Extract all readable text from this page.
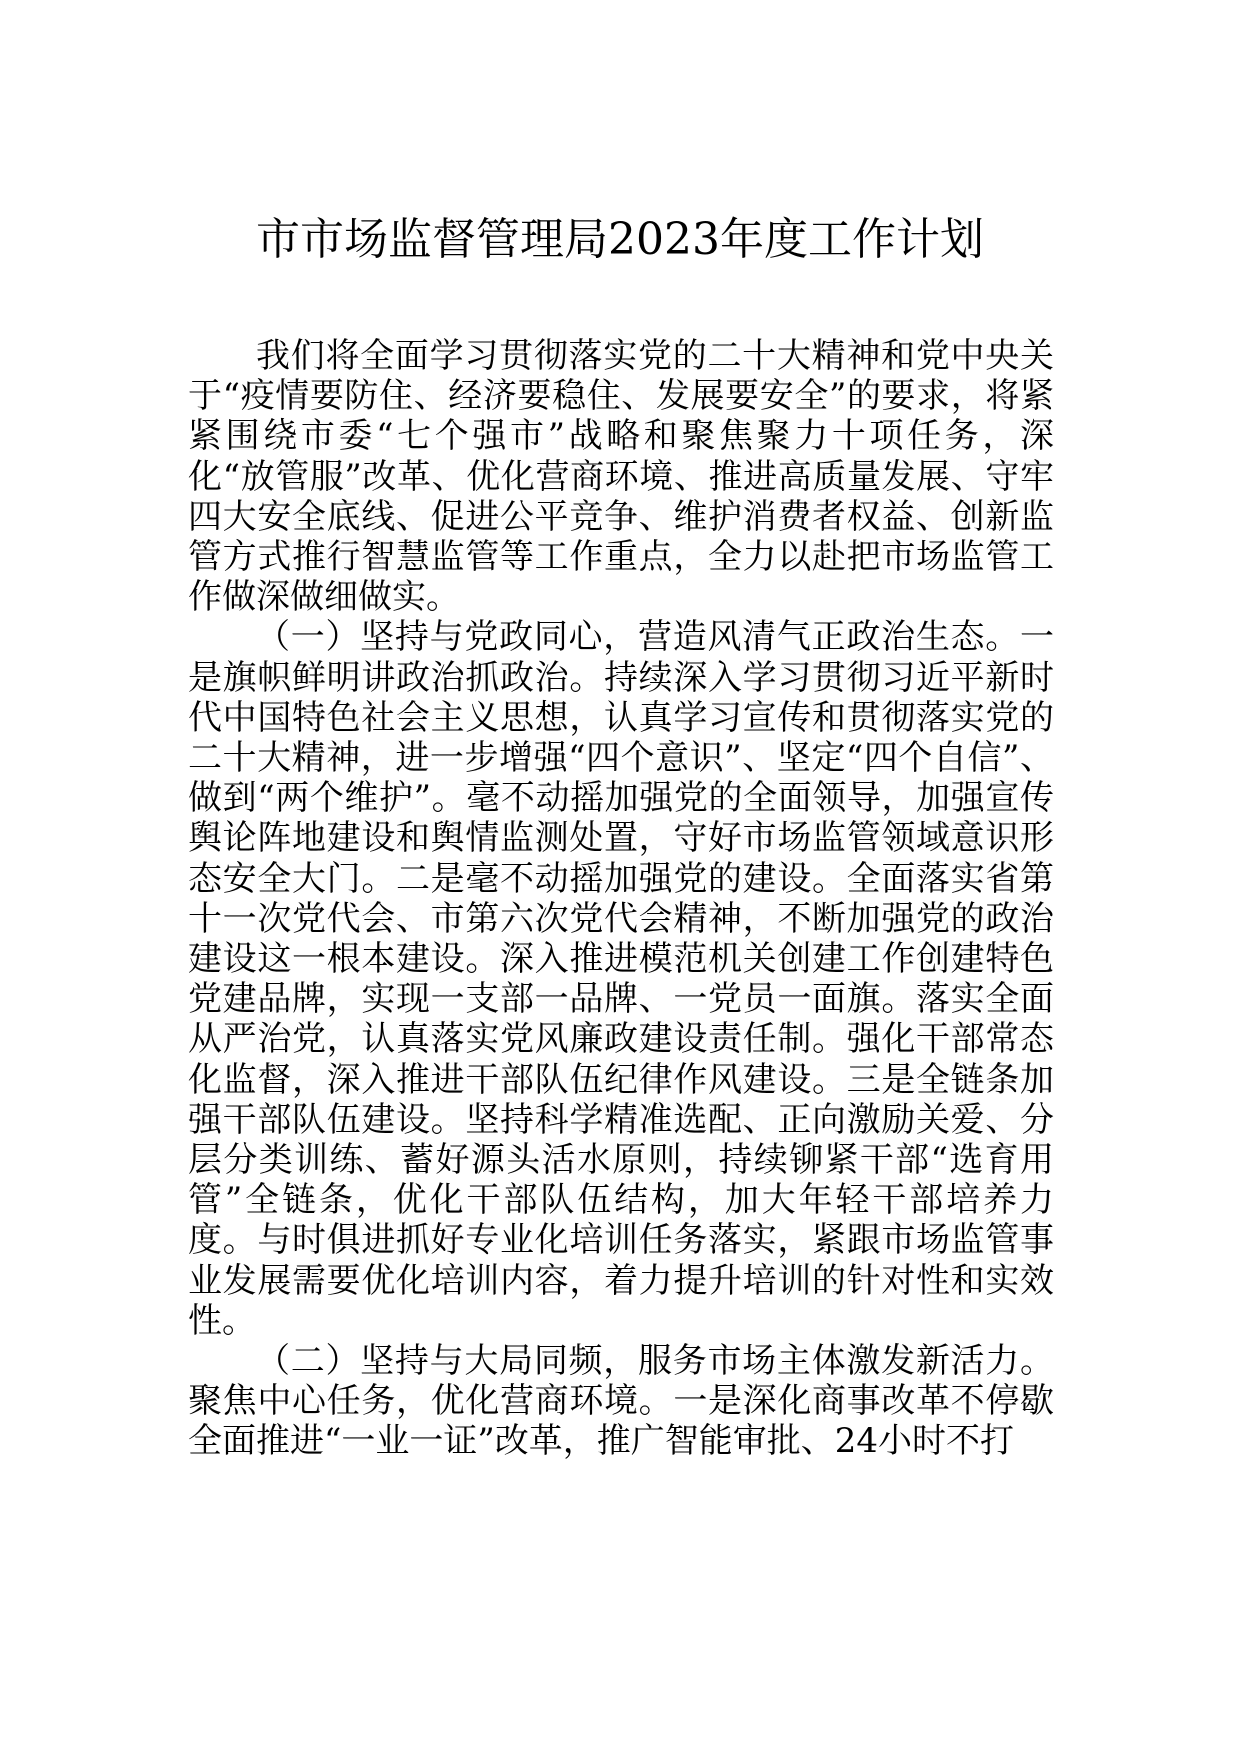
市市场监督管理局2023年度工作计划

我们将全面学习贯彻落实党的二十大精神和党中央关于“疫情要防住、经济要稳住、发展要安全”的要求，将紧紧围绕市委“七个强市”战略和聚焦聚力十项任务，深化“放管服”改革、优化营商环境、推进高质量发展、守牢四大安全底线、促进公平竞争、维护消费者权益、创新监管方式推行智慧监管等工作重点，全力以赴把市场监管工作做深做细做实。

（一）坚持与党政同心，营造风清气正政治生态。一是旗帜鲜明讲政治抓政治。持续深入学习贯彻习近平新时代中国特色社会主义思想，认真学习宣传和贯彻落实党的二十大精神，进一步增强“四个意识”、坚定“四个自信”、做到“两个维护”。毫不动摇加强党的全面领导，加强宣传舆论阵地建设和舆情监测处置，守好市场监管领域意识形态安全大门。二是毫不动摇加强党的建设。全面落实省第十一次党代会、市第六次党代会精神，不断加强党的政治建设这一根本建设。深入推进模范机关创建工作创建特色党建品牌，实现一支部一品牌、一党员一面旗。落实全面从严治党，认真落实党风廉政建设责任制。强化干部常态化监督，深入推进干部队伍纪律作风建设。三是全链条加强干部队伍建设。坚持科学精准选配、正向激励关爱、分层分类训练、蓄好源头活水原则，持续铆紧干部“选育用管”全链条，优化干部队伍结构，加大年轻干部培养力度。与时俱进抓好专业化培训任务落实，紧跟市场监管事业发展需要优化培训内容，着力提升培训的针对性和实效性。

（二）坚持与大局同频，服务市场主体激发新活力。聚焦中心任务，优化营商环境。一是深化商事改革不停歇全面推进“一业一证”改革，推广智能审批、24小时不打
